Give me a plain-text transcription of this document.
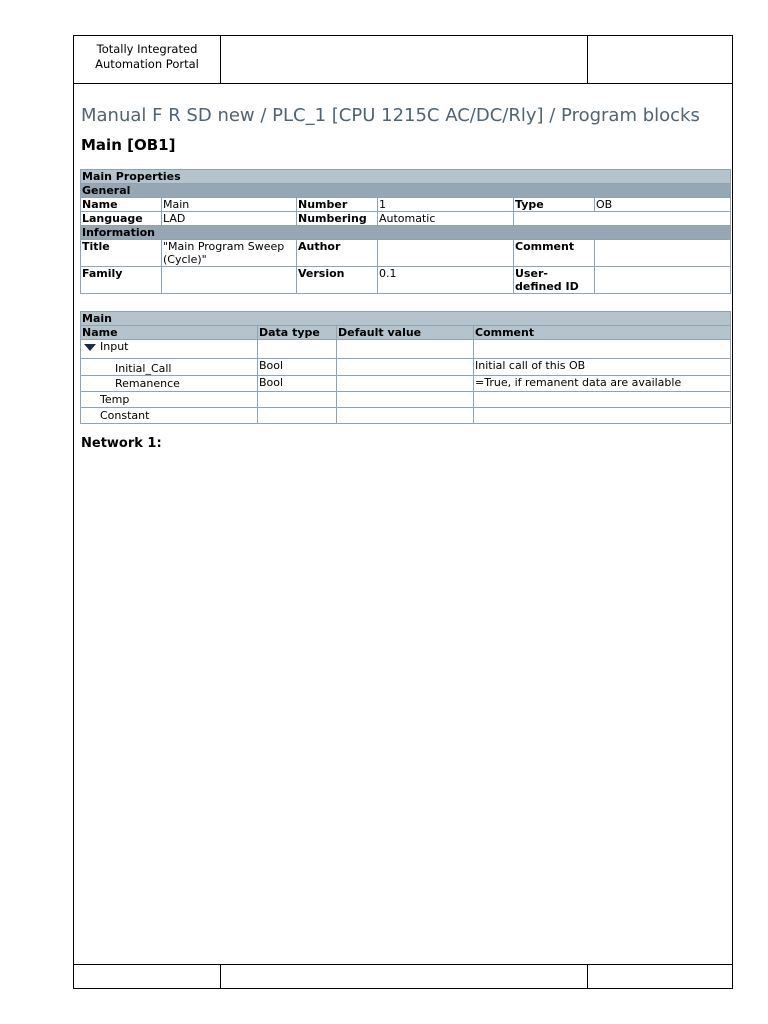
Totally Integrated
Automation Portal
Manual F R SD new / PLC_1 [CPU 1215C AC/DC/Rly] / Program blocks
Main [OB1]
Main Properties					
General					
Name	Main	Number	1	Type	OB
Language	LAD	Numbering	Automatic		
Information					
Title	"Main Program Sweep (Cycle)"	Author		Comment	
Family		Version	0.1	User-defined ID	
Main			
Name	Data type	Default value	Comment
Input			
Initial_Call	Bool		Initial call of this OB
Remanence	Bool		=True, if remanent data are available
Temp			
Constant			
Network 1:
